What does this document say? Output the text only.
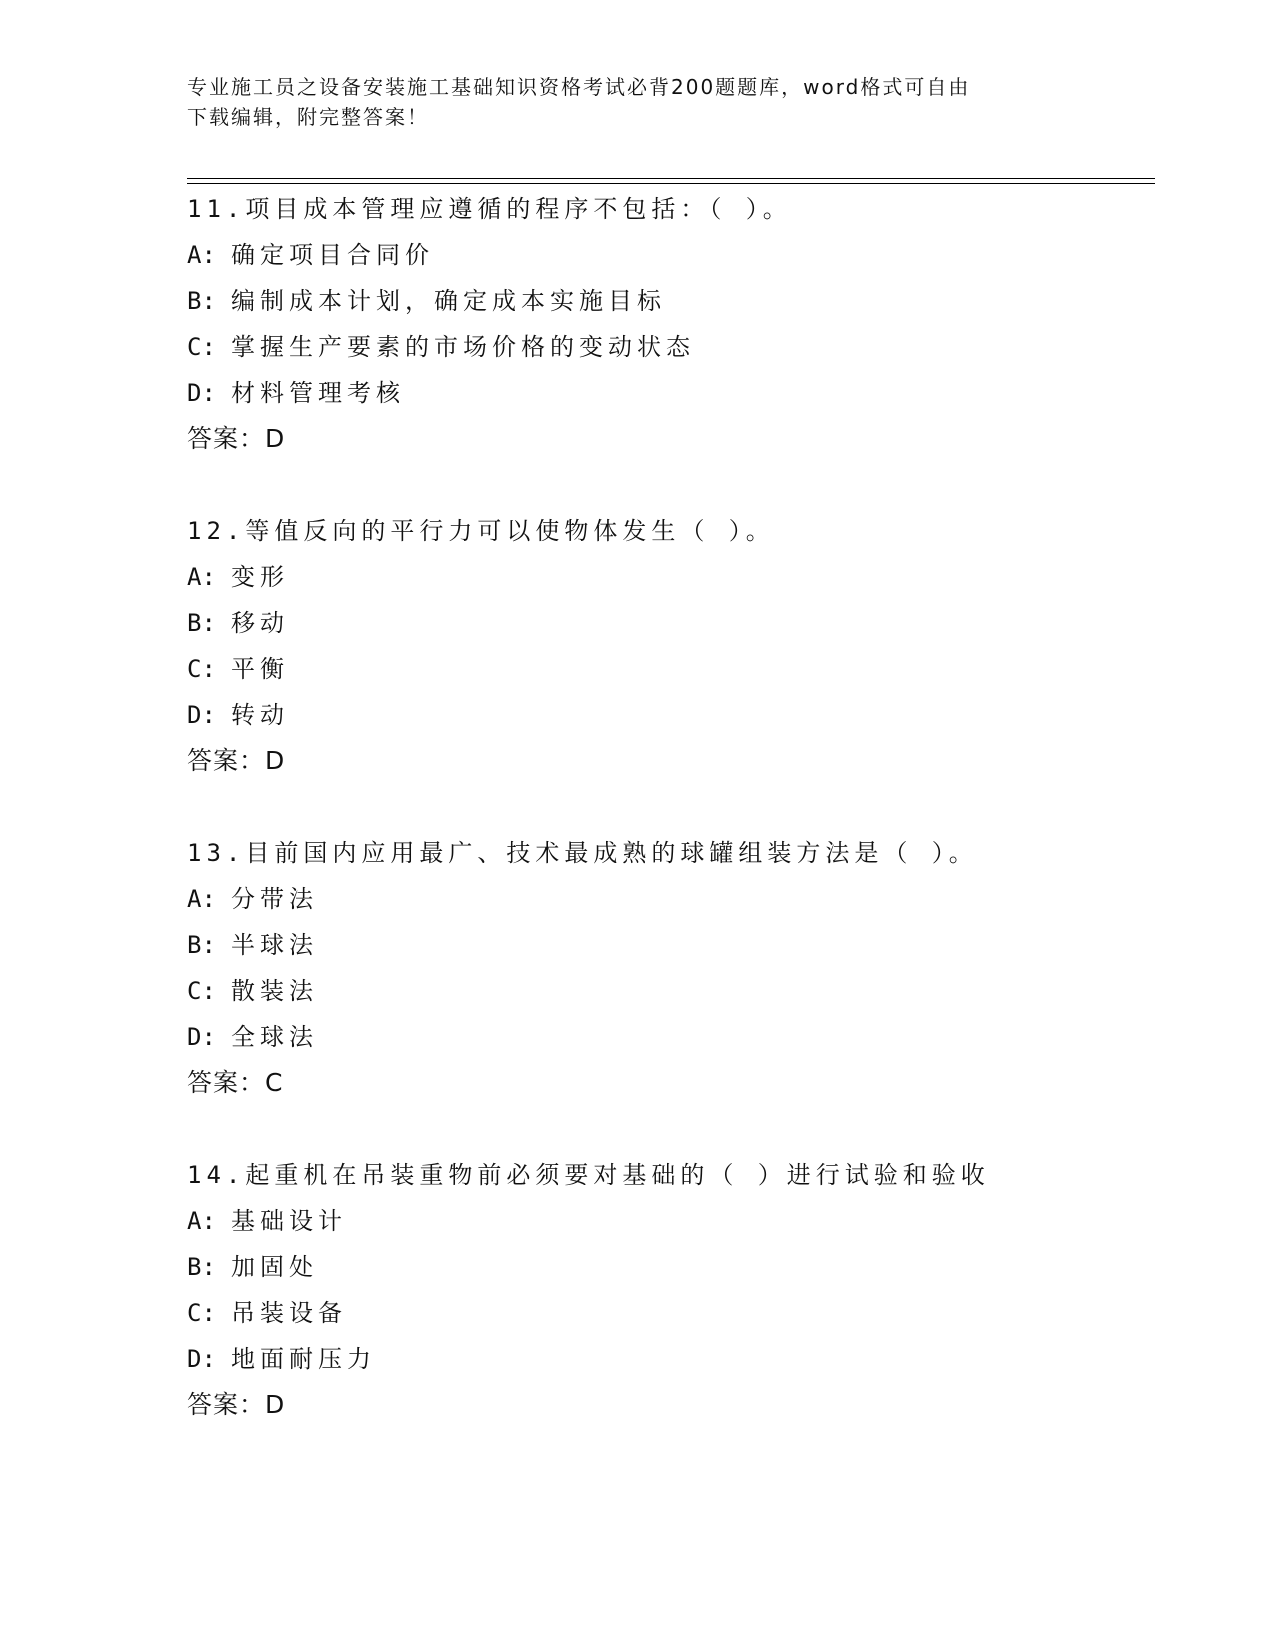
专业施工员之设备安装施工基础知识资格考试必背200题题库，word格式可自由
下载编辑，附完整答案！
11.项目成本管理应遵循的程序不包括：（ ）。
A: 确定项目合同价
B: 编制成本计划，确定成本实施目标
C: 掌握生产要素的市场价格的变动状态
D: 材料管理考核
答案：D
12.等值反向的平行力可以使物体发生（ ）。
A: 变形
B: 移动
C: 平衡
D: 转动
答案：D
13.目前国内应用最广、技术最成熟的球罐组装方法是（ ）。
A: 分带法
B: 半球法
C: 散装法
D: 全球法
答案：C
14.起重机在吊装重物前必须要对基础的（ ）进行试验和验收
A: 基础设计
B: 加固处
C: 吊装设备
D: 地面耐压力
答案：D
